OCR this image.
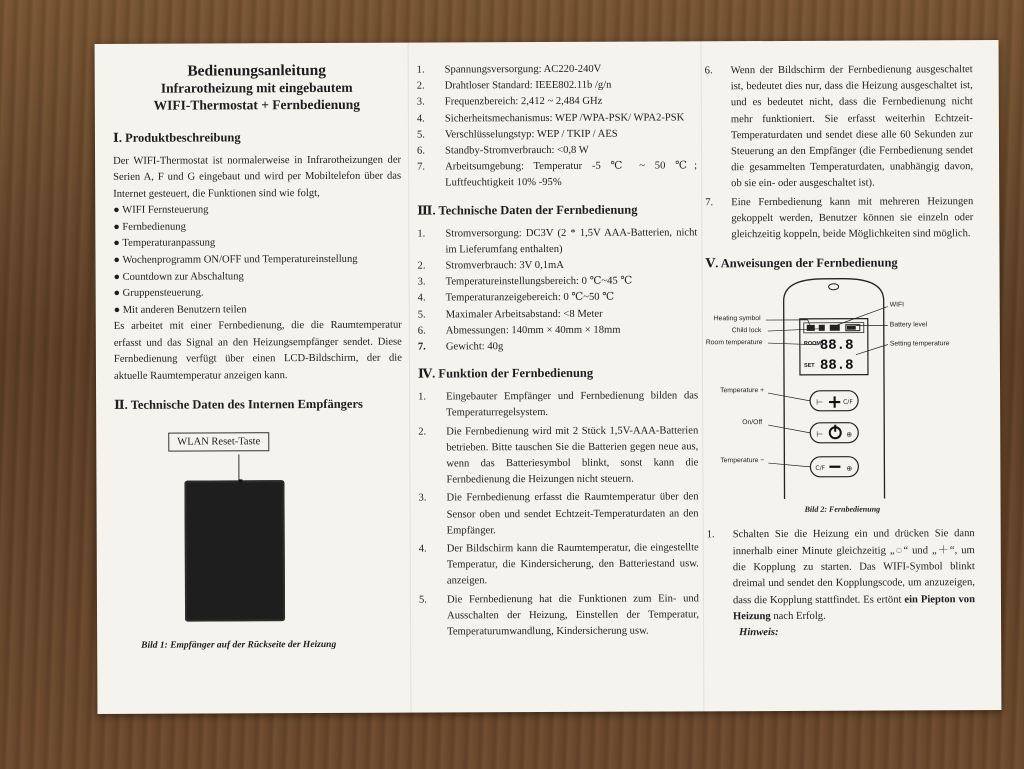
Bedienungsanleitung
Infrarotheizung mit eingebautem
WIFI-Thermostat + Fernbedienung
Ⅰ. Produktbeschreibung

Der WIFI-Thermostat ist normalerweise in Infrarotheizungen der Serien A, F und G eingebaut und wird per Mobiltelefon über das Internet gesteuert, die Funktionen sind wie folgt,

● WIFI Fernsteuerung
● Fernbedienung
● Temperaturanpassung
● Wochenprogramm ON/OFF und Temperatureinstellung
● Countdown zur Abschaltung
● Gruppensteuerung.
● Mit anderen Benutzern teilen

Es arbeitet mit einer Fernbedienung, die die Raumtemperatur erfasst und das Signal an den Heizungsempfänger sendet. Diese Fernbedienung verfügt über einen LCD-Bildschirm, der die aktuelle Raumtemperatur anzeigen kann.

Ⅱ. Technische Daten des Internen Empfängers
WLAN Reset-Taste
Bild 1: Empfänger auf der Rückseite der Heizung
1.	Spannungsversorgung: AC220-240V
2.	Drahtloser Standard: IEEE802.11b /g/n
3.	Frequenzbereich: 2,412 ~ 2,484 GHz
4.	Sicherheitsmechanismus: WEP /WPA-PSK/ WPA2-PSK
5.	Verschlüsselungstyp: WEP / TKIP / AES
6.	Standby-Stromverbrauch: <0,8 W
7.	Arbeitsumgebung: Temperatur -5 ℃ ~ 50 ℃; Luftfeuchtigkeit 10% -95%
Ⅲ. Technische Daten der Fernbedienung
1.	Stromversorgung: DC3V (2 * 1,5V AAA-Batterien, nicht im Lieferumfang enthalten)
2.	Stromverbrauch: 3V 0,1mA
3.	Temperatureinstellungsbereich: 0 ℃~45 ℃
4.	Temperaturanzeigebereich: 0 ℃~50 ℃
5.	Maximaler Arbeitsabstand: <8 Meter
6.	Abmessungen: 140mm × 40mm × 18mm
7.	Gewicht: 40g
Ⅳ. Funktion der Fernbedienung
1.	Eingebauter Empfänger und Fernbedienung bilden das Temperaturregelsystem.
2.	Die Fernbedienung wird mit 2 Stück 1,5V-AAA-Batterien betrieben. Bitte tauschen Sie die Batterien gegen neue aus, wenn das Batteriesymbol blinkt, sonst kann die Fernbedienung die Heizungen nicht steuern.
3.	Die Fernbedienung erfasst die Raumtemperatur über den Sensor oben und sendet Echtzeit-Temperaturdaten an den Empfänger.
4.	Der Bildschirm kann die Raumtemperatur, die eingestellte Temperatur, die Kindersicherung, den Batteriestand usw. anzeigen.
5.	Die Fernbedienung hat die Funktionen zum Ein- und Ausschalten der Heizung, Einstellen der Temperatur, Temperaturumwandlung, Kindersicherung usw.
6.	Wenn der Bildschirm der Fernbedienung ausgeschaltet ist, bedeutet dies nur, dass die Heizung ausgeschaltet ist, und es bedeutet nicht, dass die Fernbedienung nicht mehr funktioniert. Sie erfasst weiterhin Echtzeit-Temperaturdaten und sendet diese alle 60 Sekunden zur Steuerung an den Empfänger (die Fernbedienung sendet die gesammelten Temperaturdaten, unabhängig davon, ob sie ein- oder ausgeschaltet ist).
7.	Eine Fernbedienung kann mit mehreren Heizungen gekoppelt werden, Benutzer können sie einzeln oder gleichzeitig koppeln, beide Möglichkeiten sind möglich.
Ⅴ. Anweisungen der Fernbedienung
ROOM
88.8
SET 88.8
⊢ + C/F
⊢	⊕
C/F	⊕
Heating symbol
Child lock
Room temperature
WIFI
Battery level
Setting temperature
Temperature +
On/Off
Temperature −
Bild 2: Fernbedienung
1.	Schalten Sie die Heizung ein und drücken Sie dann innerhalb einer Minute gleichzeitig „◌“ und „＋“, um die Kopplung zu starten. Das WIFI-Symbol blinkt dreimal und sendet den Kopplungscode, um anzuzeigen, dass die Kopplung stattfindet. Es ertönt ein Piepton von Heizung nach Erfolg.

Hinweis:
